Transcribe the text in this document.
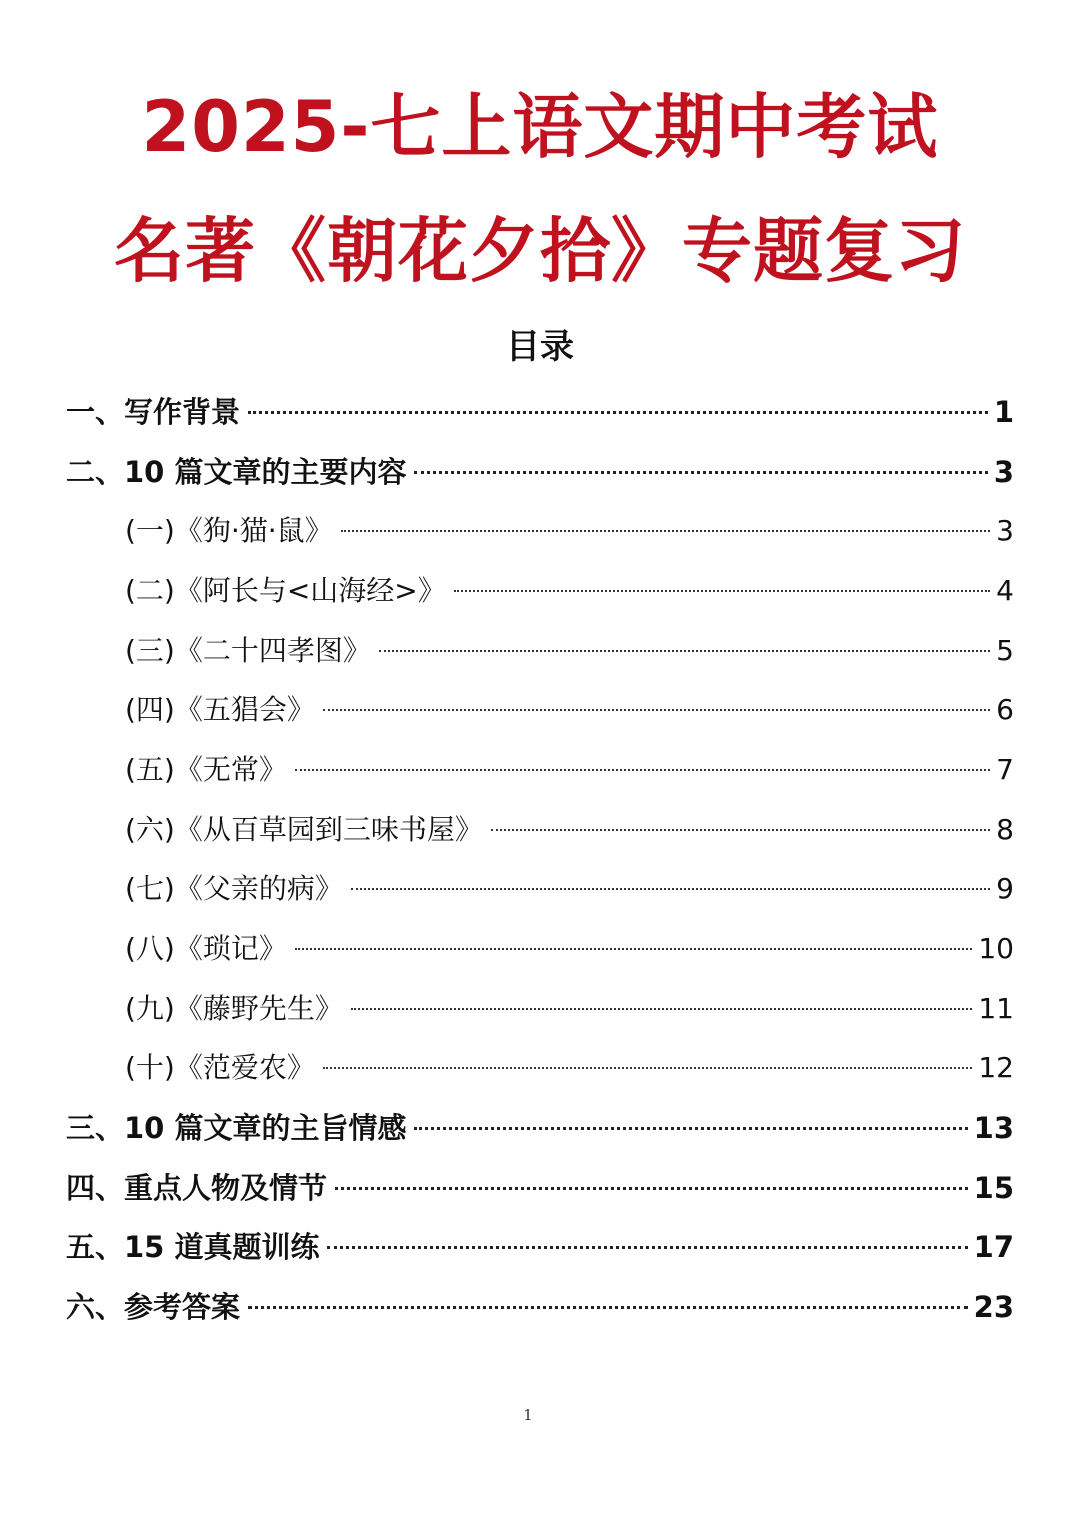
2025-七上语文期中考试
名著《朝花夕拾》专题复习
目录
一、写作背景	1
二、10 篇文章的主要内容	3
(一)《狗·猫·鼠》	3
(二)《阿长与<山海经>》	4
(三)《二十四孝图》	5
(四)《五猖会》	6
(五)《无常》	7
(六)《从百草园到三味书屋》	8
(七)《父亲的病》	9
(八)《琐记》	10
(九)《藤野先生》	11
(十)《范爱农》	12
三、10 篇文章的主旨情感	13
四、重点人物及情节	15
五、15 道真题训练	17
六、参考答案	23
1
